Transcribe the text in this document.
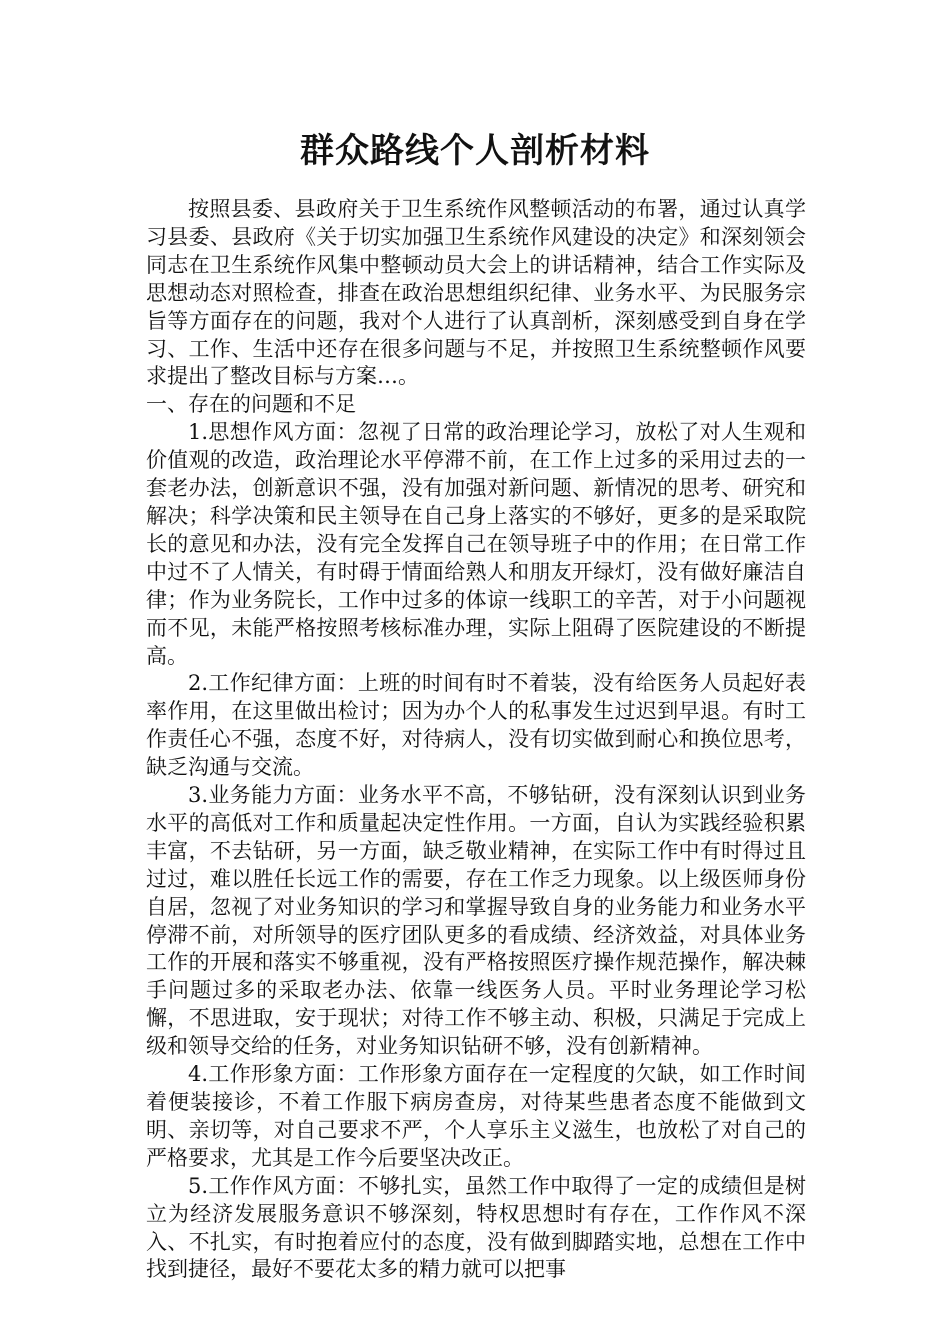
群众路线个人剖析材料

按照县委、县政府关于卫生系统作风整顿活动的布署，通过认真学习县委、县政府《关于切实加强卫生系统作风建设的决定》和深刻领会 同志在卫生系统作风集中整顿动员大会上的讲话精神，结合工作实际及思想动态对照检查，排查在政治思想组织纪律、业务水平、为民服务宗旨等方面存在的问题，我对个人进行了认真剖析，深刻感受到自身在学习、工作、生活中还存在很多问题与不足，并按照卫生系统整顿作风要求提出了整改目标与方案…。

一、存在的问题和不足

1.思想作风方面：忽视了日常的政治理论学习，放松了对人生观和价值观的改造，政治理论水平停滞不前，在工作上过多的采用过去的一套老办法，创新意识不强，没有加强对新问题、新情况的思考、研究和解决；科学决策和民主领导在自己身上落实的不够好，更多的是采取院长的意见和办法，没有完全发挥自己在领导班子中的作用；在日常工作中过不了人情关，有时碍于情面给熟人和朋友开绿灯，没有做好廉洁自律；作为业务院长，工作中过多的体谅一线职工的辛苦，对于小问题视而不见，未能严格按照考核标准办理，实际上阻碍了医院建设的不断提高。

2.工作纪律方面：上班的时间有时不着装，没有给医务人员起好表率作用，在这里做出检讨；因为办个人的私事发生过迟到早退。有时工作责任心不强，态度不好，对待病人，没有切实做到耐心和换位思考，缺乏沟通与交流。

3.业务能力方面：业务水平不高，不够钻研，没有深刻认识到业务水平的高低对工作和质量起决定性作用。一方面，自认为实践经验积累丰富，不去钻研，另一方面，缺乏敬业精神，在实际工作中有时得过且过过，难以胜任长远工作的需要，存在工作乏力现象。以上级医师身份自居，忽视了对业务知识的学习和掌握导致自身的业务能力和业务水平停滞不前，对所领导的医疗团队更多的看成绩、经济效益，对具体业务工作的开展和落实不够重视，没有严格按照医疗操作规范操作，解决棘手问题过多的采取老办法、依靠一线医务人员。平时业务理论学习松懈，不思进取，安于现状；对待工作不够主动、积极，只满足于完成上级和领导交给的任务，对业务知识钻研不够，没有创新精神。

4.工作形象方面：工作形象方面存在一定程度的欠缺，如工作时间着便装接诊，不着工作服下病房查房，对待某些患者态度不能做到文明、亲切等，对自己要求不严，个人享乐主义滋生，也放松了对自己的严格要求，尤其是工作今后要坚决改正。

5.工作作风方面：不够扎实，虽然工作中取得了一定的成绩但是树立为经济发展服务意识不够深刻，特权思想时有存在，工作作风不深入、不扎实，有时抱着应付的态度，没有做到脚踏实地，总想在工作中找到捷径，最好不要花太多的精力就可以把事
